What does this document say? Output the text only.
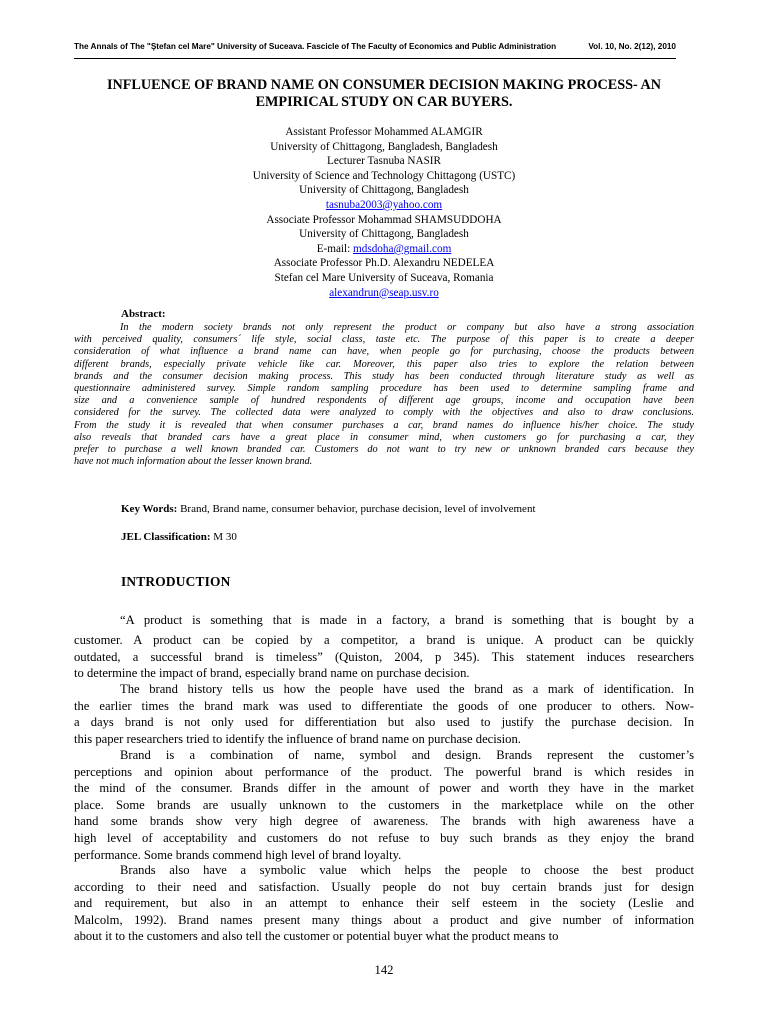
The Annals of The "Ştefan cel Mare" University of Suceava. Fascicle of The Faculty of Economics and Public Administration	Vol. 10, No. 2(12), 2010
INFLUENCE OF BRAND NAME ON CONSUMER DECISION MAKING PROCESS- AN
EMPIRICAL STUDY ON CAR BUYERS.
Assistant Professor Mohammed ALAMGIR
University of Chittagong, Bangladesh, Bangladesh
Lecturer Tasnuba NASIR
University of Science and Technology Chittagong (USTC)
University of Chittagong, Bangladesh
tasnuba2003@yahoo.com
Associate Professor Mohammad SHAMSUDDOHA
University of Chittagong, Bangladesh
E-mail: mdsdoha@gmail.com
Associate Professor Ph.D. Alexandru NEDELEA
Stefan cel Mare University of Suceava, Romania
alexandrun@seap.usv.ro
Abstract:
In the modern society brands not only represent the product or company but also have a strong association
with perceived quality, consumers´ life style, social class, taste etc. The purpose of this paper is to create a deeper
consideration of what influence a brand name can have, when people go for purchasing, choose the products between
different brands, especially private vehicle like car. Moreover, this paper also tries to explore the relation between
brands and the consumer decision making process. This study has been conducted through literature study as well as
questionnaire administered survey. Simple random sampling procedure has been used to determine sampling frame and
size and a convenience sample of hundred respondents of different age groups, income and occupation have been
considered for the survey. The collected data were analyzed to comply with the objectives and also to draw conclusions.
From the study it is revealed that when consumer purchases a car, brand names do influence his/her choice. The study
also reveals that branded cars have a great place in consumer mind, when customers go for purchasing a car, they
prefer to purchase a well known branded car. Customers do not want to try new or unknown branded cars because they
have not much information about the lesser known brand.
Key Words: Brand, Brand name, consumer behavior, purchase decision, level of involvement
JEL Classification: M 30
INTRODUCTION
“A product is something that is made in a factory, a brand is something that is bought by a
customer. A product can be copied by a competitor, a brand is unique. A product can be quickly
outdated, a successful brand is timeless” (Quiston, 2004, p 345). This statement induces researchers
to determine the impact of brand, especially brand name on purchase decision.
The brand history tells us how the people have used the brand as a mark of identification. In
the earlier times the brand mark was used to differentiate the goods of one producer to others. Now-
a days brand is not only used for differentiation but also used to justify the purchase decision. In
this paper researchers tried to identify the influence of brand name on purchase decision.
Brand is a combination of name, symbol and design. Brands represent the customer’s
perceptions and opinion about performance of the product. The powerful brand is which resides in
the mind of the consumer. Brands differ in the amount of power and worth they have in the market
place. Some brands are usually unknown to the customers in the marketplace while on the other
hand some brands show very high degree of awareness. The brands with high awareness have a
high level of acceptability and customers do not refuse to buy such brands as they enjoy the brand
performance. Some brands commend high level of brand loyalty.
Brands also have a symbolic value which helps the people to choose the best product
according to their need and satisfaction. Usually people do not buy certain brands just for design
and requirement, but also in an attempt to enhance their self esteem in the society (Leslie and
Malcolm, 1992). Brand names present many things about a product and give number of information
about it to the customers and also tell the customer or potential buyer what the product means to
142
